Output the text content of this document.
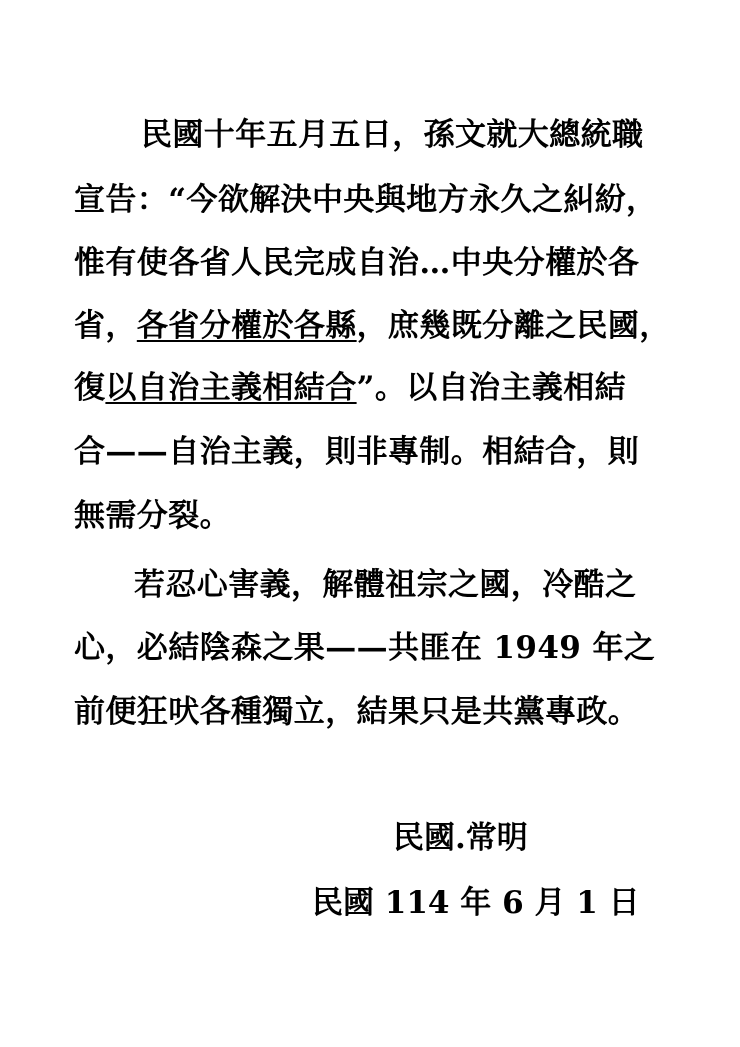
民國十年五月五日，孫文就大總統職
宣告：“今欲解決中央與地方永久之糾紛，
惟有使各省人民完成自治…中央分權於各
省，各省分權於各縣，庶幾既分離之民國，
復以自治主義相結合”。以自治主義相結
合——自治主義，則非專制。相結合，則
無需分裂。
若忍心害義，解體祖宗之國，冷酷之
心，必結陰森之果——共匪在 1949 年之
前便狂吠各種獨立，結果只是共黨專政。
民國.常明
民國 114 年 6 月 1 日
